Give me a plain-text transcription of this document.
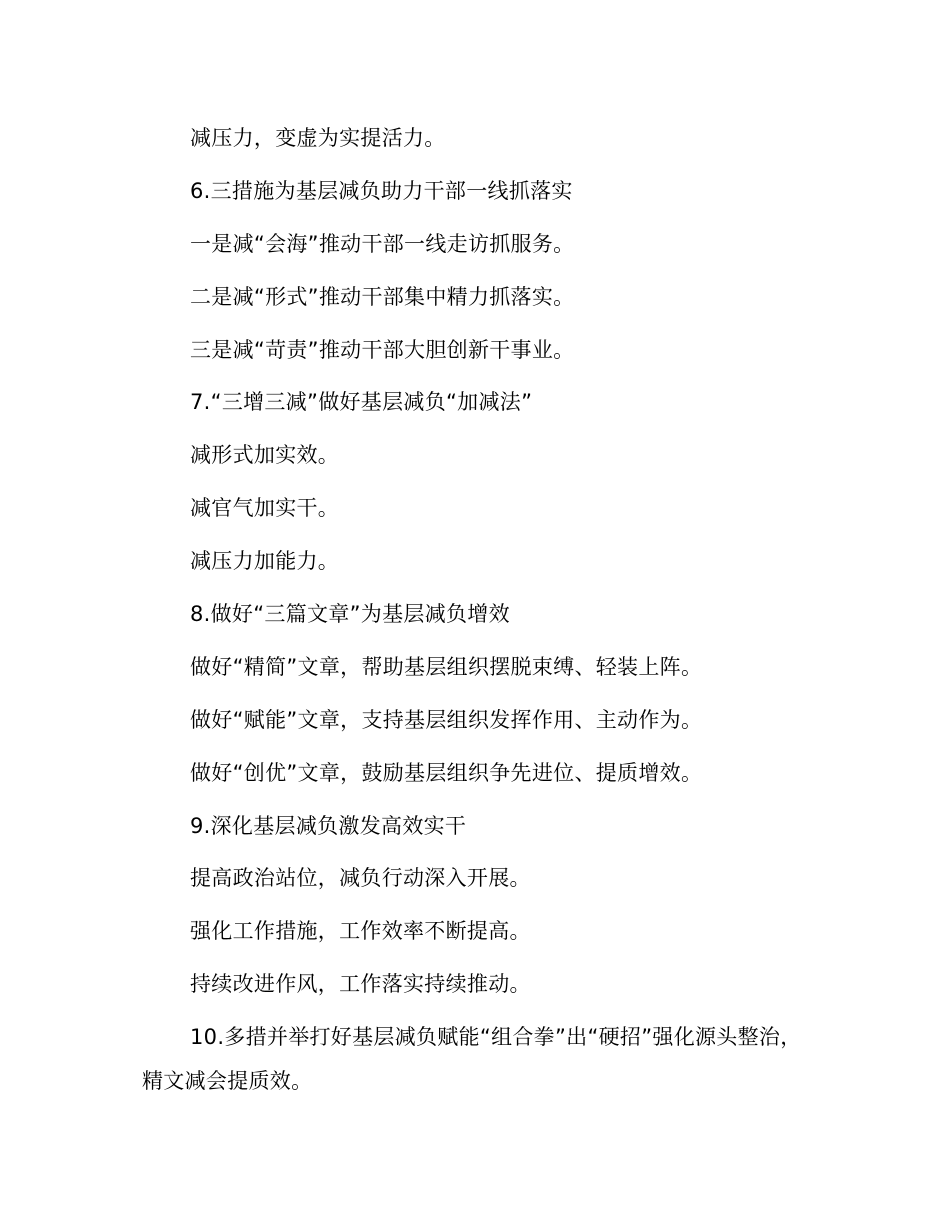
减压力，变虚为实提活力。

6.三措施为基层减负助力干部一线抓落实

一是减“会海”推动干部一线走访抓服务。

二是减“形式”推动干部集中精力抓落实。

三是减“苛责”推动干部大胆创新干事业。

7.“三增三减”做好基层减负“加减法”

减形式加实效。

减官气加实干。

减压力加能力。

8.做好“三篇文章”为基层减负增效

做好“精简”文章，帮助基层组织摆脱束缚、轻装上阵。

做好“赋能”文章，支持基层组织发挥作用、主动作为。

做好“创优”文章，鼓励基层组织争先进位、提质增效。

9.深化基层减负激发高效实干

提高政治站位，减负行动深入开展。

强化工作措施，工作效率不断提高。

持续改进作风，工作落实持续推动。

10.多措并举打好基层减负赋能“组合拳”出“硬招”强化源头整治，精文减会提质效。
